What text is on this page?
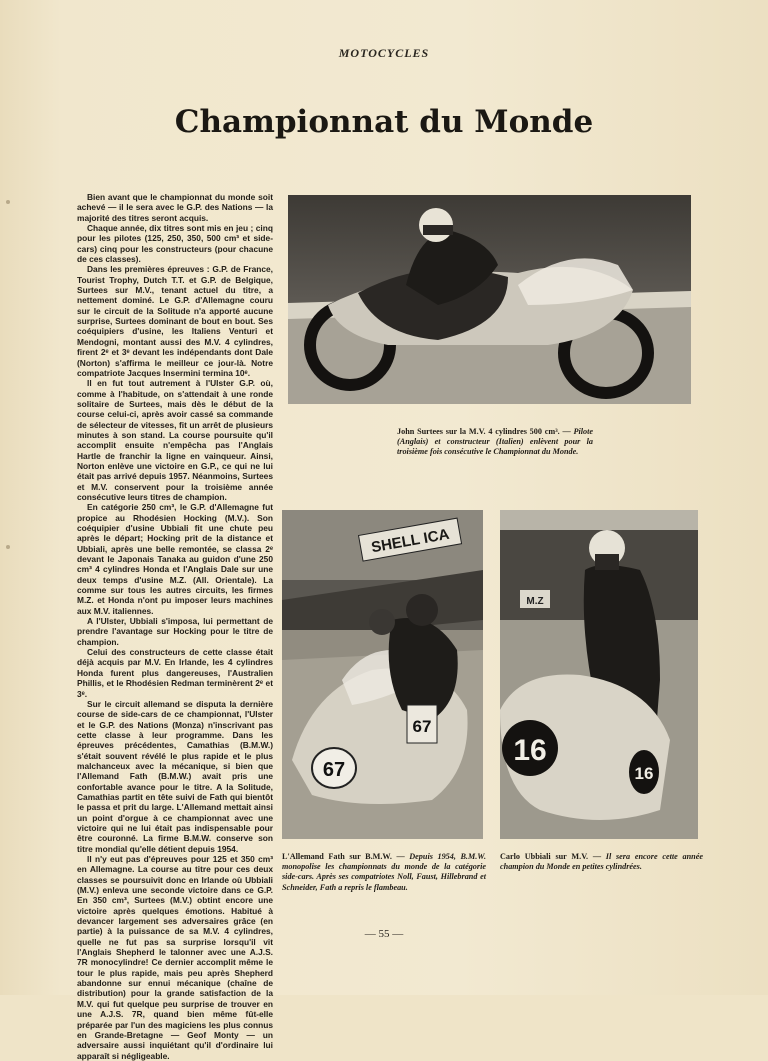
MOTOCYCLES
Championnat du Monde

Bien avant que le championnat du monde soit achevé — il le sera avec le G.P. des Nations — la majorité des titres seront acquis.

Chaque année, dix titres sont mis en jeu ; cinq pour les pilotes (125, 250, 350, 500 cm³ et side-cars) cinq pour les constructeurs (pour chacune de ces classes).

Dans les premières épreuves : G.P. de France, Tourist Trophy, Dutch T.T. et G.P. de Belgique, Surtees sur M.V., tenant actuel du titre, a nettement dominé. Le G.P. d'Allemagne couru sur le circuit de la Solitude n'a apporté aucune surprise, Surtees dominant de bout en bout. Ses coéquipiers d'usine, les Italiens Venturi et Mendogni, montant aussi des M.V. 4 cylindres, firent 2ᵉ et 3ᵉ devant les indépendants dont Dale (Norton) s'affirma le meilleur ce jour-là. Notre compatriote Jacques Insermini termina 10ᵉ.

Il en fut tout autrement à l'Ulster G.P. où, comme à l'habitude, on s'attendait à une ronde solitaire de Surtees, mais dès le début de la course celui-ci, après avoir cassé sa commande de sélecteur de vitesses, fit un arrêt de plusieurs minutes à son stand. La course poursuite qu'il accomplit ensuite n'empêcha pas l'Anglais Hartle de franchir la ligne en vainqueur. Ainsi, Norton enlève une victoire en G.P., ce qui ne lui était pas arrivé depuis 1957. Néanmoins, Surtees et M.V. conservent pour la troisième année consécutive leurs titres de champion.

En catégorie 250 cm³, le G.P. d'Allemagne fut propice au Rhodésien Hocking (M.V.). Son coéquipier d'usine Ubbiali fit une chute peu après le départ; Hocking prit de la distance et Ubbiali, après une belle remontée, se classa 2ᵉ devant le Japonais Tanaka au guidon d'une 250 cm³ 4 cylindres Honda et l'Anglais Dale sur une deux temps d'usine M.Z. (All. Orientale). La comme sur tous les autres circuits, les firmes M.Z. et Honda n'ont pu imposer leurs machines aux M.V. italiennes.

A l'Ulster, Ubbiali s'imposa, lui permettant de prendre l'avantage sur Hocking pour le titre de champion.

Celui des constructeurs de cette classe était déjà acquis par M.V. En Irlande, les 4 cylindres Honda furent plus dangereuses, l'Australien Phillis, et le Rhodésien Redman terminèrent 2ᵉ et 3ᵉ.

Sur le circuit allemand se disputa la dernière course de side-cars de ce championnat, l'Ulster et le G.P. des Nations (Monza) n'inscrivant pas cette classe à leur programme. Dans les épreuves précédentes, Camathias (B.M.W.) s'était souvent révélé le plus rapide et le plus malchanceux avec la mécanique, si bien que l'Allemand Fath (B.M.W.) avait pris une confortable avance pour le titre. A la Solitude, Camathias partit en tête suivi de Fath qui bientôt le passa et prit du large. L'Allemand mettait ainsi un point d'orgue à ce championnat avec une victoire qui ne lui était pas indispensable pour être couronné. La firme B.M.W. conserve son titre mondial qu'elle détient depuis 1954.

Il n'y eut pas d'épreuves pour 125 et 350 cm³ en Allemagne. La course au titre pour ces deux classes se poursuivit donc en Irlande où Ubbiali (M.V.) enleva une seconde victoire dans ce G.P. En 350 cm³, Surtees (M.V.) obtint encore une victoire après quelques émotions. Habitué à devancer largement ses adversaires grâce (en partie) à la puissance de sa M.V. 4 cylindres, quelle ne fut pas sa surprise lorsqu'il vit l'Anglais Shepherd le talonner avec une A.J.S. 7R monocylindre! Ce dernier accomplit même le tour le plus rapide, mais peu après Shepherd abandonne sur ennui mécanique (chaîne de distribution) pour la grande satisfaction de la M.V. qui fut quelque peu surprise de trouver en une A.J.S. 7R, quand bien même fût-elle préparée par l'un des magiciens les plus connus en Grande-Bretagne — Geof Monty — un adversaire aussi inquiétant qu'il d'ordinaire lui apparaît si négligeable.

John Surtees sur la M.V. 4 cylindres 500 cm³. — Pilote (Anglais) et constructeur (Italien) enlèvent pour la troisième fois consécutive le Championnat du Monde.
SHELL ICA
67
67
L'Allemand Fath sur B.M.W. — Depuis 1954, B.M.W. monopolise les championnats du monde de la catégorie side-cars. Après ses compatriotes Noll, Faust, Hillebrand et Schneider, Fath a repris le flambeau.
M.Z
16
16
Carlo Ubbiali sur M.V. — Il sera encore cette année champion du Monde en petites cylindrées.
— 55 —
